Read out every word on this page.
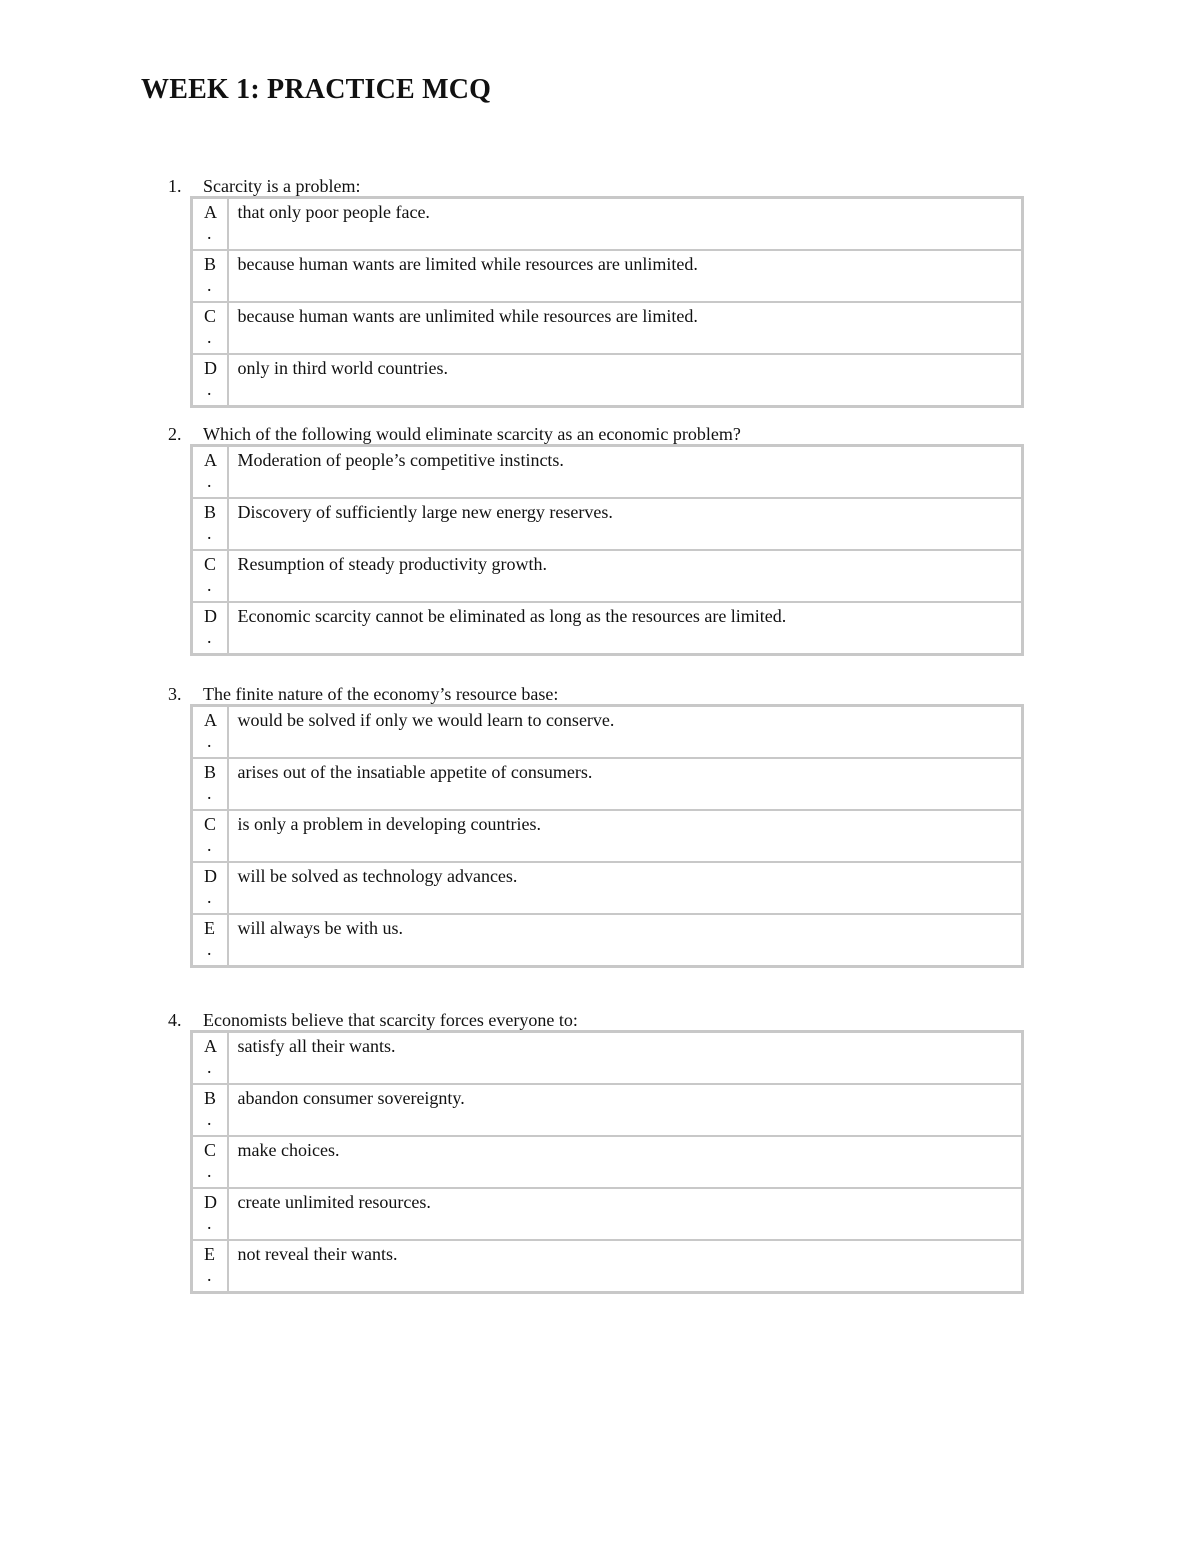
WEEK 1: PRACTICE MCQ
1. Scarcity is a problem:
A
.	that only poor people face.

B
.	because human wants are limited while resources are unlimited.

C
.	because human wants are unlimited while resources are limited.

D
.	only in third world countries.
2. Which of the following would eliminate scarcity as an economic problem?
A
.	Moderation of people’s competitive instincts.

B
.	Discovery of sufficiently large new energy reserves.

C
.	Resumption of steady productivity growth.

D
.	Economic scarcity cannot be eliminated as long as the resources are limited.
3. The finite nature of the economy’s resource base:
A
.	would be solved if only we would learn to conserve.

B
.	arises out of the insatiable appetite of consumers.

C
.	is only a problem in developing countries.

D
.	will be solved as technology advances.

E
.	will always be with us.
4. Economists believe that scarcity forces everyone to:
A
.	satisfy all their wants.

B
.	abandon consumer sovereignty.

C
.	make choices.

D
.	create unlimited resources.

E
.	not reveal their wants.
